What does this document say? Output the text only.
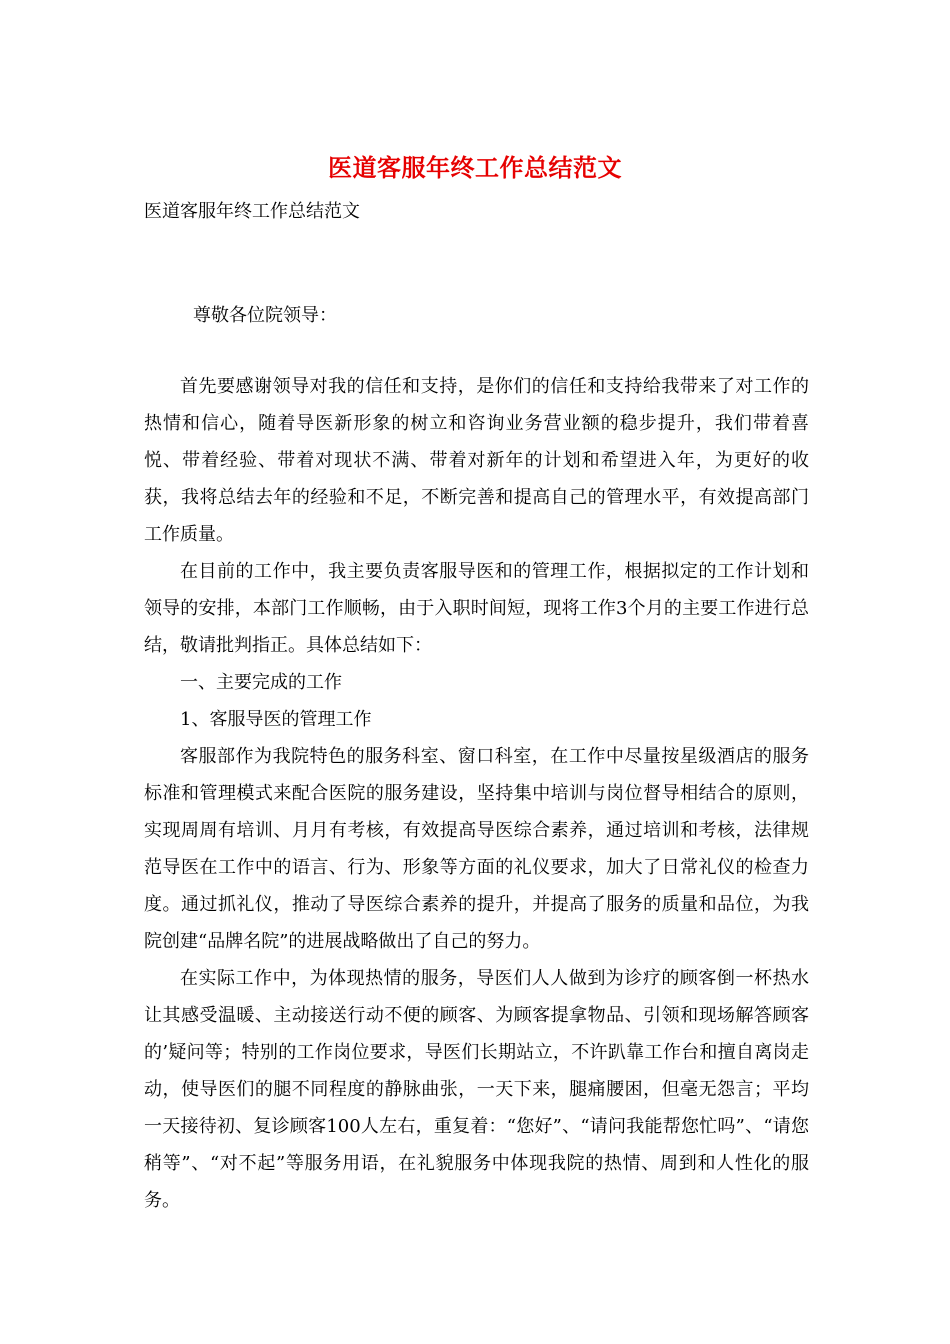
医道客服年终工作总结范文
医道客服年终工作总结范文
尊敬各位院领导：

首先要感谢领导对我的信任和支持，是你们的信任和支持给我带来了对工作的热情和信心，随着导医新形象的树立和咨询业务营业额的稳步提升，我们带着喜悦、带着经验、带着对现状不满、带着对新年的计划和希望进入年，为更好的收获，我将总结去年的经验和不足，不断完善和提高自己的管理水平，有效提高部门工作质量。

在目前的工作中，我主要负责客服导医和的管理工作，根据拟定的工作计划和领导的安排，本部门工作顺畅，由于入职时间短，现将工作3个月的主要工作进行总结，敬请批判指正。具体总结如下：

一、主要完成的工作

1、客服导医的管理工作

客服部作为我院特色的服务科室、窗口科室，在工作中尽量按星级酒店的服务标准和管理模式来配合医院的服务建设，坚持集中培训与岗位督导相结合的原则，实现周周有培训、月月有考核，有效提高导医综合素养，通过培训和考核，法律规范导医在工作中的语言、行为、形象等方面的礼仪要求，加大了日常礼仪的检查力度。通过抓礼仪，推动了导医综合素养的提升，并提高了服务的质量和品位，为我院创建“品牌名院”的进展战略做出了自己的努力。

在实际工作中，为体现热情的服务，导医们人人做到为诊疗的顾客倒一杯热水让其感受温暖、主动接送行动不便的顾客、为顾客提拿物品、引领和现场解答顾客的’疑问等；特别的工作岗位要求，导医们长期站立，不许趴靠工作台和擅自离岗走动，使导医们的腿不同程度的静脉曲张，一天下来，腿痛腰困，但毫无怨言；平均一天接待初、复诊顾客100人左右，重复着：“您好”、“请问我能帮您忙吗”、“请您稍等”、“对不起”等服务用语，在礼貌服务中体现我院的热情、周到和人性化的服务。
